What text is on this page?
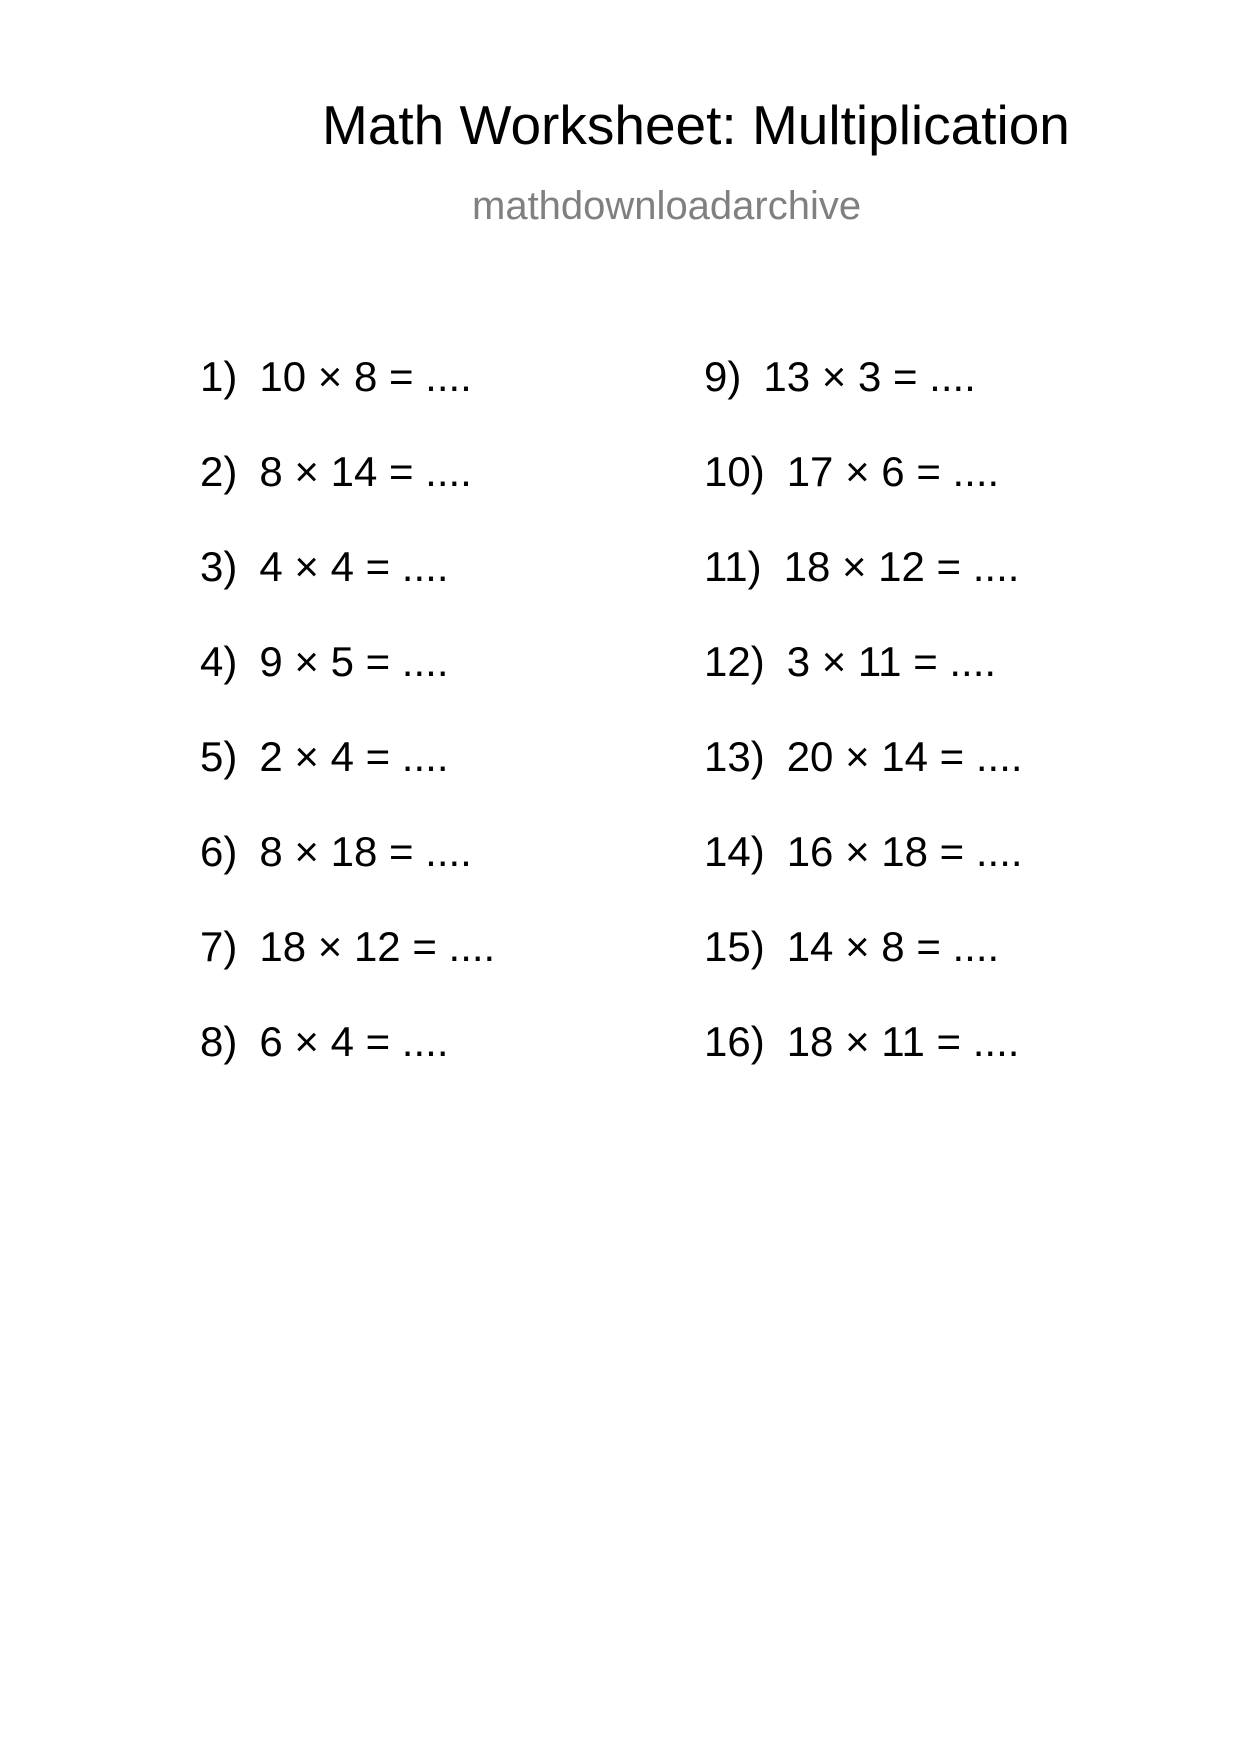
Math Worksheet: Multiplication
mathdownloadarchive
1) 10 × 8 = ....
2) 8 × 14 = ....
3) 4 × 4 = ....
4) 9 × 5 = ....
5) 2 × 4 = ....
6) 8 × 18 = ....
7) 18 × 12 = ....
8) 6 × 4 = ....
9) 13 × 3 = ....
10) 17 × 6 = ....
11) 18 × 12 = ....
12) 3 × 11 = ....
13) 20 × 14 = ....
14) 16 × 18 = ....
15) 14 × 8 = ....
16) 18 × 11 = ....
